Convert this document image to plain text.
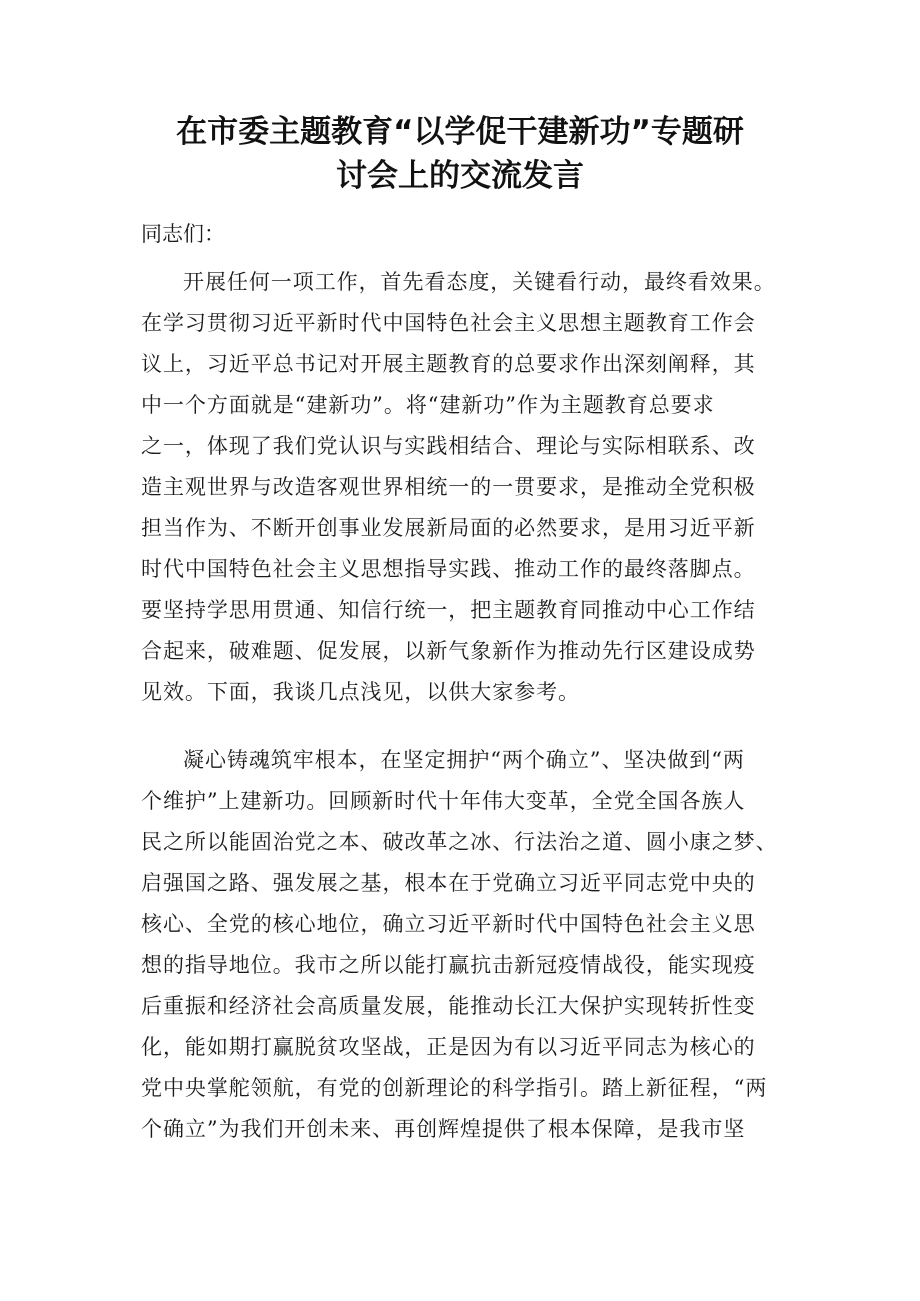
在市委主题教育“以学促干建新功”专题研
讨会上的交流发言

同志们：

开展任何一项工作，首先看态度，关键看行动，最终看效果。
在学习贯彻习近平新时代中国特色社会主义思想主题教育工作会
议上，习近平总书记对开展主题教育的总要求作出深刻阐释，其
中一个方面就是“建新功”。将“建新功”作为主题教育总要求
之一，体现了我们党认识与实践相结合、理论与实际相联系、改
造主观世界与改造客观世界相统一的一贯要求，是推动全党积极
担当作为、不断开创事业发展新局面的必然要求，是用习近平新
时代中国特色社会主义思想指导实践、推动工作的最终落脚点。
要坚持学思用贯通、知信行统一，把主题教育同推动中心工作结
合起来，破难题、促发展，以新气象新作为推动先行区建设成势
见效。下面，我谈几点浅见，以供大家参考。
凝心铸魂筑牢根本，在坚定拥护“两个确立”、坚决做到“两
个维护”上建新功。回顾新时代十年伟大变革，全党全国各族人
民之所以能固治党之本、破改革之冰、行法治之道、圆小康之梦、
启强国之路、强发展之基，根本在于党确立习近平同志党中央的
核心、全党的核心地位，确立习近平新时代中国特色社会主义思
想的指导地位。我市之所以能打赢抗击新冠疫情战役，能实现疫
后重振和经济社会高质量发展，能推动长江大保护实现转折性变
化，能如期打赢脱贫攻坚战，正是因为有以习近平同志为核心的
党中央掌舵领航，有党的创新理论的科学指引。踏上新征程，“两
个确立”为我们开创未来、再创辉煌提供了根本保障，是我市坚
